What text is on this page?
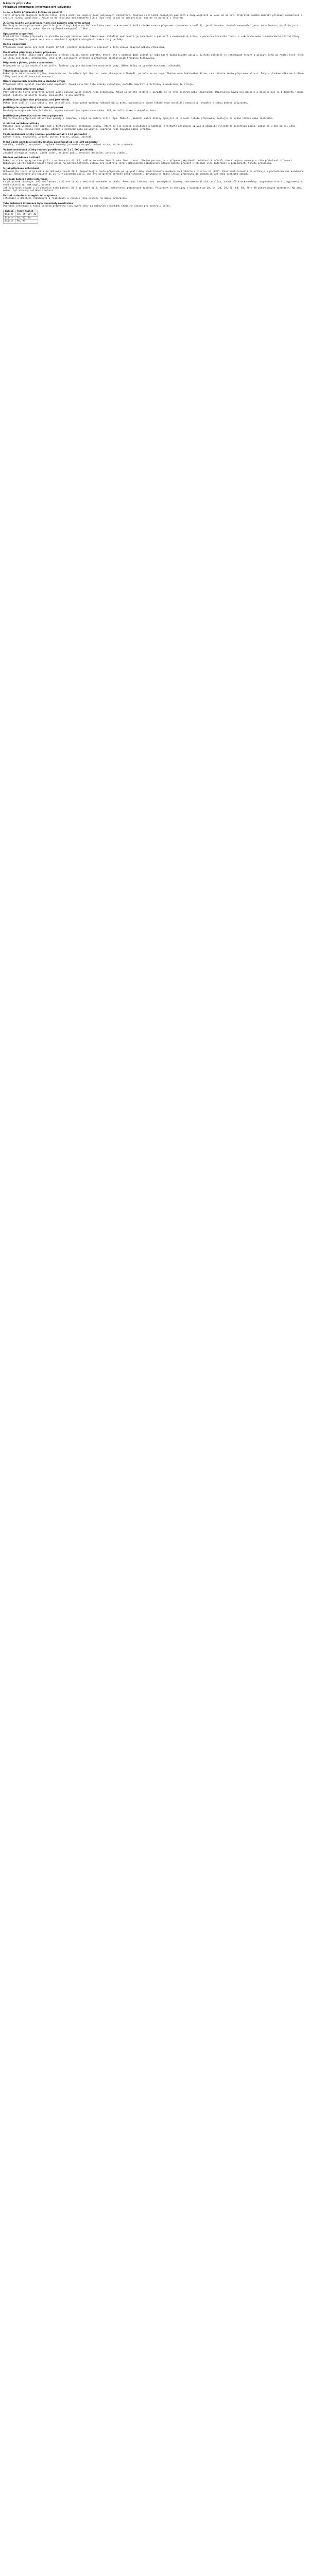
Návod k přípravku
Příbalová informace: informace pro uživatele
1. Co je tento přípravek a k čemu se používá
Tento přípravek obsahuje léčivou látku, která patří do skupiny léků nazývaných inhibitory. Používá se k léčbě dospělých pacientů a dospívajících ve věku od 12 let. Přípravek pomáhá zmírnit příznaky onemocnění a snižuje riziko komplikací. Pokud se do několika dnů nebudete cítit lépe nebo pokud se Vám přitíží, musíte se poradit s lékařem.
2. Čemu musíte věnovat pozornost, než začnete přípravek užívat
Neužívejte tento přípravek: jestliže jste alergický(á) na léčivou látku nebo na kteroukoli další složku tohoto přípravku (uvedenou v bodě 6); jestliže máte závažné onemocnění jater nebo ledvin; jestliže jste těhotná nebo kojíte, pokud Vám to výslovně nedoporučil lékař.
Upozornění a opatření
Před užitím tohoto přípravku se poraďte se svým lékařem nebo lékárníkem. Zvláštní opatrnosti je zapotřebí u pacientů s onemocněním srdce, s poruchou krevního tlaku, s cukrovkou nebo s onemocněním štítné žlázy. Informujte lékaře, pokud se u Vás v minulosti vyskytla alergická reakce na jiné léky.
Děti a dospívající
Přípravek není určen pro děti mladší 12 let, protože bezpečnost a účinnost v této věkové skupině nebyla stanovena.
Další léčivé přípravky a tento přípravek
Informujte svého lékaře nebo lékárníka o všech lécích, které užíváte, které jste v nedávné době užíval(a) nebo které možná budete užívat. Zvláště důležité je informovat lékaře o užívání léků na ředění krve, léků na léčbu epilepsie, antibiotik, léků proti plísňovým infekcím a přípravků obsahujících třezalku tečkovanou.
Přípravek s jídlem, pitím a alkoholem
Přípravek se užívá nezávisle na jídle. Tablety zapijte dostatečným množstvím vody. Během léčby se vyhněte konzumaci alkoholu.
Těhotenství, kojení a plodnost
Pokud jste těhotná nebo kojíte, domníváte se, že můžete být těhotná, nebo plánujete otěhotnět, poraďte se se svým lékařem nebo lékárníkem dříve, než začnete tento přípravek užívat. Ženy v plodném věku musí během léčby používat účinnou antikoncepci.
Řízení dopravních prostředků a obsluha strojů
Přípravek může vyvolat závratě nebo ospalost. Pokud se u Vás tyto účinky vyskytnou, neřiďte dopravní prostředky a neobsluhujte stroje.
3. Jak se tento přípravek užívá
Vždy užívejte tento přípravek přesně podle pokynů svého lékaře nebo lékárníka. Pokud si nejste jistý(á), poraďte se se svým lékařem nebo lékárníkem. Doporučená dávka pro dospělé a dospívající je 1 tableta jednou denně. Tabletu polykejte celou, nekousejte ji ani nedrťte.
Jestliže jste užil(a) více přípravku, než jste měl(a)
Pokud jste užil(a) více tablet, než jste měl(a), nebo pokud tablety náhodně užilo dítě, kontaktujte ihned lékaře nebo nejbližší nemocnici. Vezměte s sebou balení přípravku.
Jestliže jste zapomněl(a) užít tento přípravek
Nezdvojnásobujte následující dávku, abyste nahradil(a) vynechanou dávku. Užijte další dávku v obvyklou dobu.
Jestliže jste přestal(a) užívat tento přípravek
Nepřestávejte přípravek užívat bez porady s lékařem, i když se budete cítit lépe. Máte-li jakékoli další otázky týkající se užívání tohoto přípravku, zeptejte se svého lékaře nebo lékárníka.
4. Možné nežádoucí účinky
Podobně jako všechny léky může mít i tento přípravek nežádoucí účinky, které se ale nemusí vyskytnout u každého. Přestaňte přípravek užívat a okamžitě vyhledejte lékařskou pomoc, pokud se u Vás objeví otok obličeje, rtů, jazyka nebo hrdla, obtíže s dýcháním nebo polykáním, kopřivka nebo závažná kožní vyrážka.
Časté nežádoucí účinky (mohou postihnout až 1 z 10 pacientů)
bolest hlavy, nevolnost, průjem, bolest břicha, únava, závratě.
Méně časté nežádoucí účinky (mohou postihnout až 1 ze 100 pacientů)
vyrážka, svědění, nespavost, zvýšené hodnoty jaterních enzymů, bušení srdce, sucho v ústech.
Vzácné nežádoucí účinky (mohou postihnout až 1 z 1 000 pacientů)
závažné alergické reakce, zánět jater, snížení počtu krevních destiček, poruchy vidění.
Hlášení nežádoucích účinků
Pokud se u Vás vyskytne kterýkoli z nežádoucích účinků, sdělte to svému lékaři nebo lékárníkovi. Stejně postupujte v případě jakýchkoli nežádoucích účinků, které nejsou uvedeny v této příbalové informaci. Nežádoucí účinky můžete hlásit také přímo na adresu Státního ústavu pro kontrolu léčiv. Nahlášením nežádoucích účinků můžete přispět k získání více informací o bezpečnosti tohoto přípravku.
5. Jak přípravek uchovávat
Uchovávejte tento přípravek mimo dohled a dosah dětí. Nepoužívejte tento přípravek po uplynutí doby použitelnosti uvedené na krabičce a blistru za „EXP“. Doba použitelnosti se vztahuje k poslednímu dni uvedeného měsíce. Uchovávejte při teplotě do 25 °C v původním obalu, aby byl přípravek chráněn před vlhkostí. Nevyhazujte žádné léčivé přípravky do odpadních vod nebo domácího odpadu.
6. Obsah balení a další informace
Co přípravek obsahuje: Léčivou látkou je účinná látka v množství uvedeném na obalu. Pomocnými látkami jsou: monohydrát laktózy, mikrokrystalická celulóza, sodná sůl kroskarmelózy, magnesium-stearát, hypromelóza, oxid titaničitý, makrogol, mastek.
Jak přípravek vypadá a co obsahuje toto balení: Bílé až téměř bílé, kulaté, bikonvexní potahované tablety. Přípravek je dostupný v baleních po 10, 14, 28, 30, 56, 60, 84, 90 a 98 potahovaných tabletách. Na trhu nemusí být všechny velikosti balení.
Držitel rozhodnutí o registraci a výrobce
Informace o držiteli rozhodnutí o registraci a výrobci jsou uvedeny na obalu přípravku.
Tato příbalová informace byla naposledy revidována
Podrobné informace o tomto léčivém přípravku jsou uveřejněny na webových stránkách Státního ústavu pro kontrolu léčiv.
Balení	Počet tablet
Blistr	10, 14, 28, 30
Blistr	56, 60, 84
Blistr	90, 98
